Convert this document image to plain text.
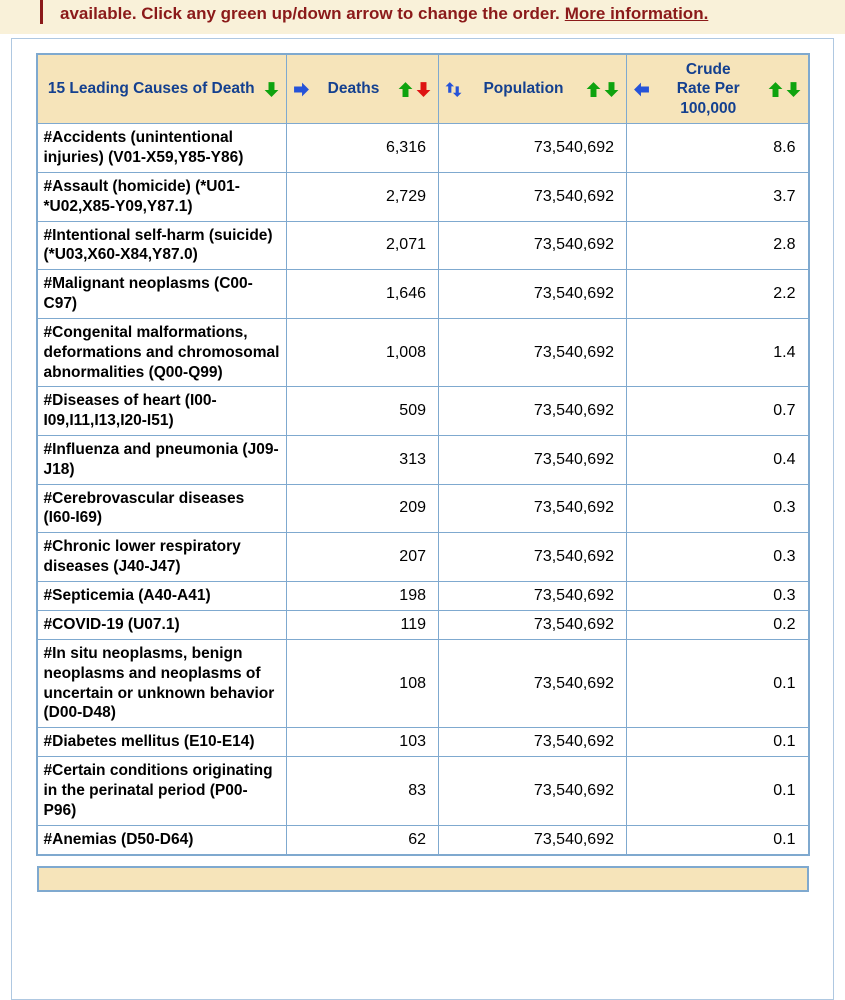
available. Click any green up/down arrow to change the order. More information.
15 Leading Causes of Death	Deaths	Population	Crude Rate Per 100,000

#Accidents (unintentional injuries) (V01-X59,Y85-Y86)	6,316	73,540,692	8.6
#Assault (homicide) (*U01-*U02,X85-Y09,Y87.1)	2,729	73,540,692	3.7
#Intentional self-harm (suicide) (*U03,X60-X84,Y87.0)	2,071	73,540,692	2.8
#Malignant neoplasms (C00-C97)	1,646	73,540,692	2.2
#Congenital malformations, deformations and chromosomal abnormalities (Q00-Q99)	1,008	73,540,692	1.4
#Diseases of heart (I00-I09,I11,I13,I20-I51)	509	73,540,692	0.7
#Influenza and pneumonia (J09-J18)	313	73,540,692	0.4
#Cerebrovascular diseases (I60-I69)	209	73,540,692	0.3
#Chronic lower respiratory diseases (J40-J47)	207	73,540,692	0.3
#Septicemia (A40-A41)	198	73,540,692	0.3
#COVID-19 (U07.1)	119	73,540,692	0.2
#In situ neoplasms, benign neoplasms and neoplasms of uncertain or unknown behavior (D00-D48)	108	73,540,692	0.1
#Diabetes mellitus (E10-E14)	103	73,540,692	0.1
#Certain conditions originating in the perinatal period (P00-P96)	83	73,540,692	0.1
#Anemias (D50-D64)	62	73,540,692	0.1
